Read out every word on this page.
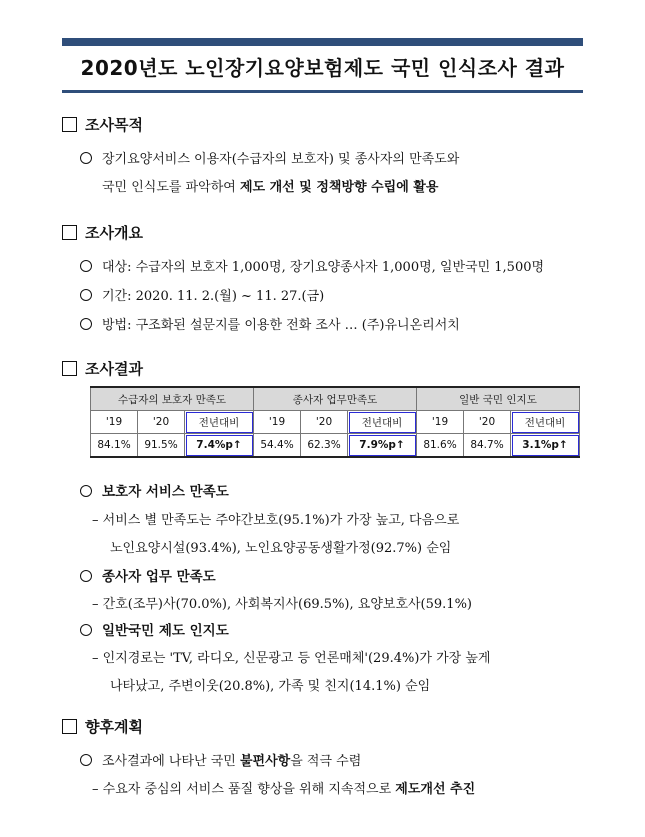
2020년도 노인장기요양보험제도 국민 인식조사 결과
조사목적
장기요양서비스 이용자(수급자의 보호자) 및 종사자의 만족도와
국민 인식도를 파악하여 제도 개선 및 정책방향 수립에 활용
조사개요
대상: 수급자의 보호자 1,000명, 장기요양종사자 1,000명, 일반국민 1,500명
기간: 2020. 11. 2.(월) ~ 11. 27.(금)
방법: 구조화된 설문지를 이용한 전화 조사 … (주)유니온리서치
조사결과
수급자의 보호자 만족도			종사자 업무만족도			일반 국민 인지도		
'19	'20	전년대비	'19	'20	전년대비	'19	'20	전년대비
84.1%	91.5%	7.4%p↑	54.4%	62.3%	7.9%p↑	81.6%	84.7%	3.1%p↑
보호자 서비스 만족도
– 서비스 별 만족도는 주야간보호(95.1%)가 가장 높고, 다음으로
노인요양시설(93.4%), 노인요양공동생활가정(92.7%) 순임
종사자 업무 만족도
– 간호(조무)사(70.0%), 사회복지사(69.5%), 요양보호사(59.1%)
일반국민 제도 인지도
– 인지경로는 'TV, 라디오, 신문광고 등 언론매체'(29.4%)가 가장 높게
나타났고, 주변이웃(20.8%), 가족 및 친지(14.1%) 순임
향후계획
조사결과에 나타난 국민 불편사항을 적극 수렴
– 수요자 중심의 서비스 품질 향상을 위해 지속적으로 제도개선 추진
